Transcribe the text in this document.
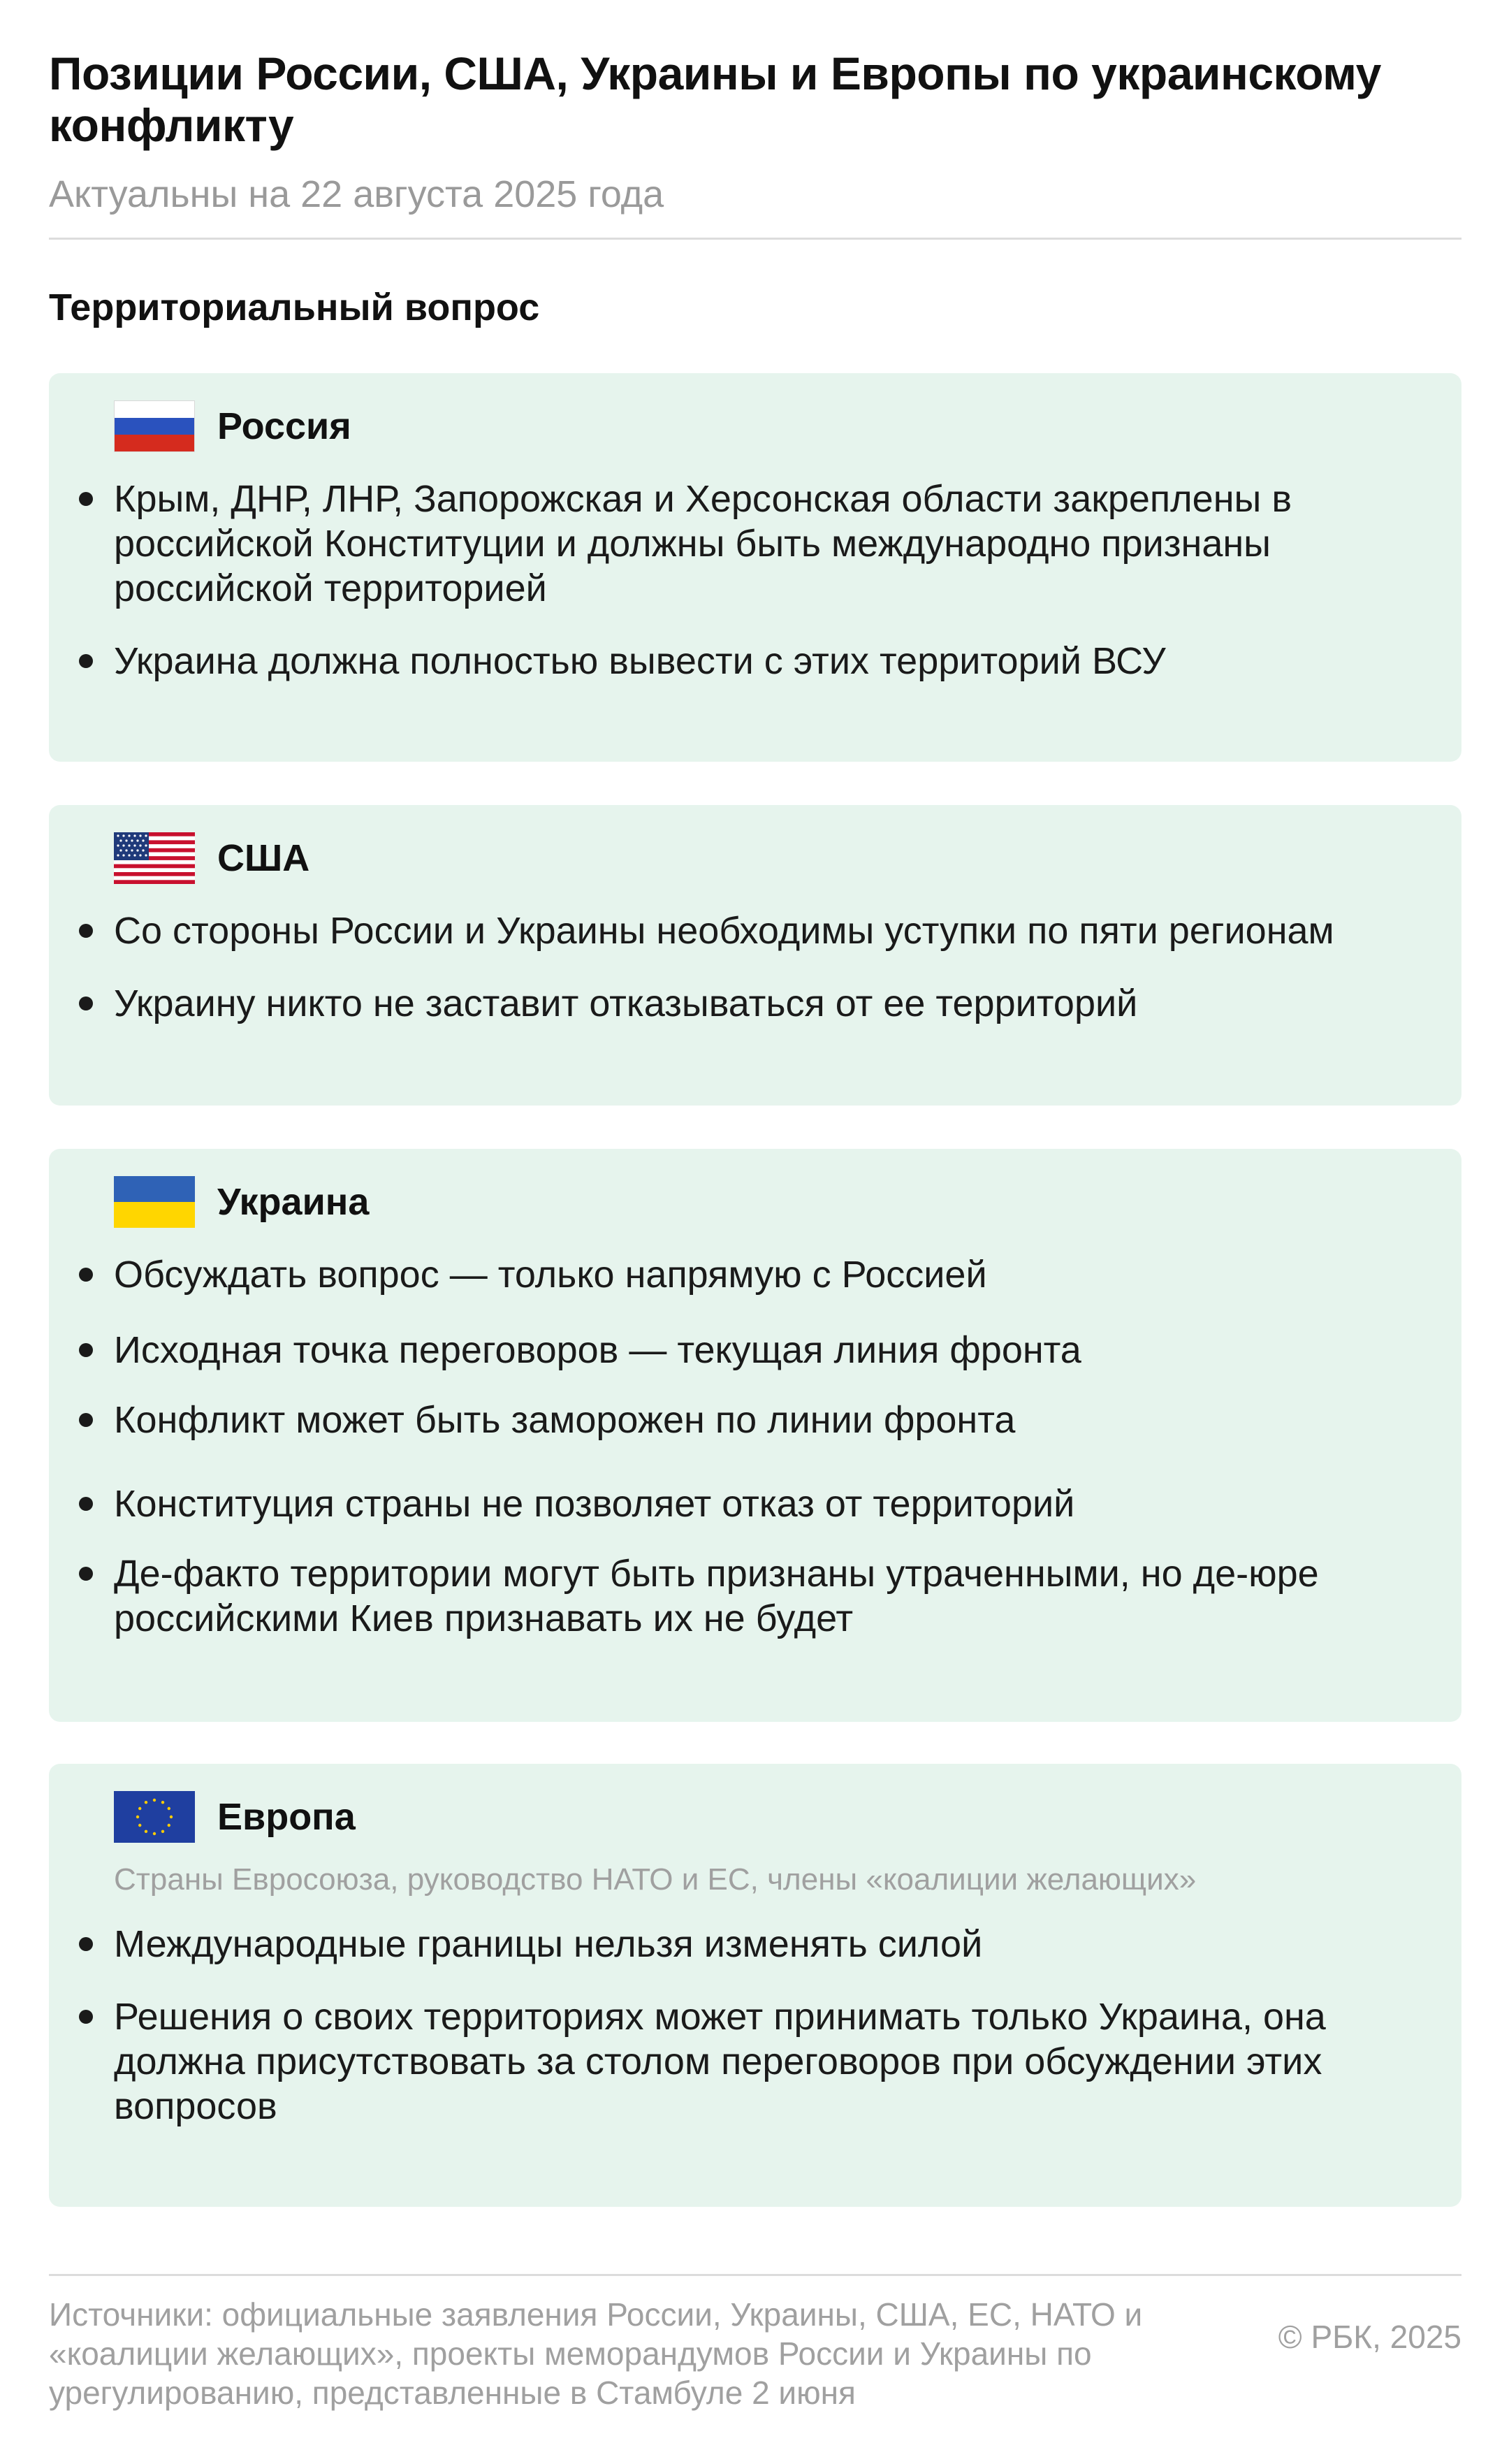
Позиции России, США, Украины и Европы по украинскому конфликту
Актуальны на 22 августа 2025 года
Территориальный вопрос
Россия
Крым, ДНР, ЛНР, Запорожская и Херсонская области закреплены в российской Конституции и должны быть международно признаны российской территорией
Украина должна полностью вывести с этих территорий ВСУ
США
Со стороны России и Украины необходимы уступки по пяти регионам
Украину никто не заставит отказываться от ее территорий
Украина
Обсуждать вопрос — только напрямую с Россией
Исходная точка переговоров — текущая линия фронта
Конфликт может быть заморожен по линии фронта
Конституция страны не позволяет отказ от территорий
Де-факто территории могут быть признаны утраченными, но де-юре российскими Киев признавать их не будет
Европа
Страны Евросоюза, руководство НАТО и ЕС, члены «коалиции желающих»
Международные границы нельзя изменять силой
Решения о своих территориях может принимать только Украина, она должна присутствовать за столом переговоров при обсуждении этих вопросов
Источники: официальные заявления России, Украины, США, ЕС, НАТО и «коалиции желающих», проекты меморандумов России и Украины по урегулированию, представленные в Стамбуле 2 июня
© РБК, 2025
